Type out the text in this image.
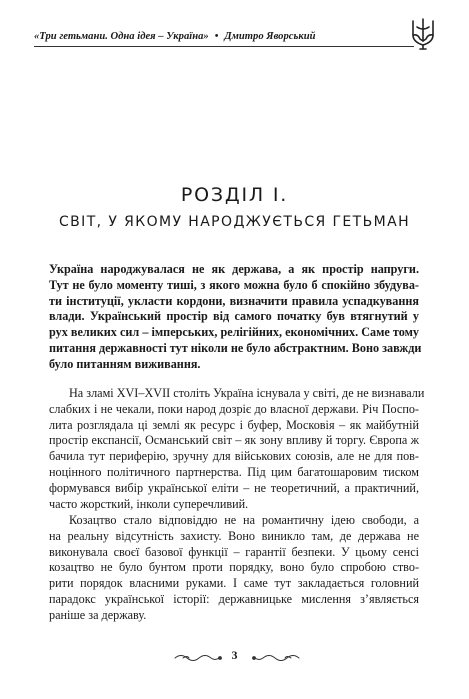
«Три гетьмани. Одна ідея – Україна» • Дмитро Яворський
РОЗДІЛ І.
СВІТ, У ЯКОМУ НАРОДЖУЄТЬСЯ ГЕТЬМАН
Україна народжувалася не як держава, а як простір напруги.
Тут не було моменту тиші, з якого можна було б спокійно збудува-
ти інституції, укласти кордони, визначити правила успадкування
влади. Український простір від самого початку був втягнутий у
рух великих сил – імперських, релігійних, економічних. Саме тому
питання державності тут ніколи не було абстрактним. Воно завжди
було питанням виживання.
На зламі XVI–XVII століть Україна існувала у світі, де не визнавали
слабких і не чекали, поки народ дозріє до власної держави. Річ Поспо-
лита розглядала ці землі як ресурс і буфер, Московія – як майбутній
простір експансії, Османський світ – як зону впливу й торгу. Європа ж
бачила тут периферію, зручну для військових союзів, але не для пов-
ноцінного політичного партнерства. Під цим багатошаровим тиском
формувався вибір української еліти – не теоретичний, а практичний,
часто жорсткий, інколи суперечливий.
Козацтво стало відповіддю не на романтичну ідею свободи, а
на реальну відсутність захисту. Воно виникло там, де держава не
виконувала своєї базової функції – гарантії безпеки. У цьому сенсі
козацтво не було бунтом проти порядку, воно було спробою ство-
рити порядок власними руками. І саме тут закладається головний
парадокс української історії: державницьке мислення з’являється
раніше за державу.
3
